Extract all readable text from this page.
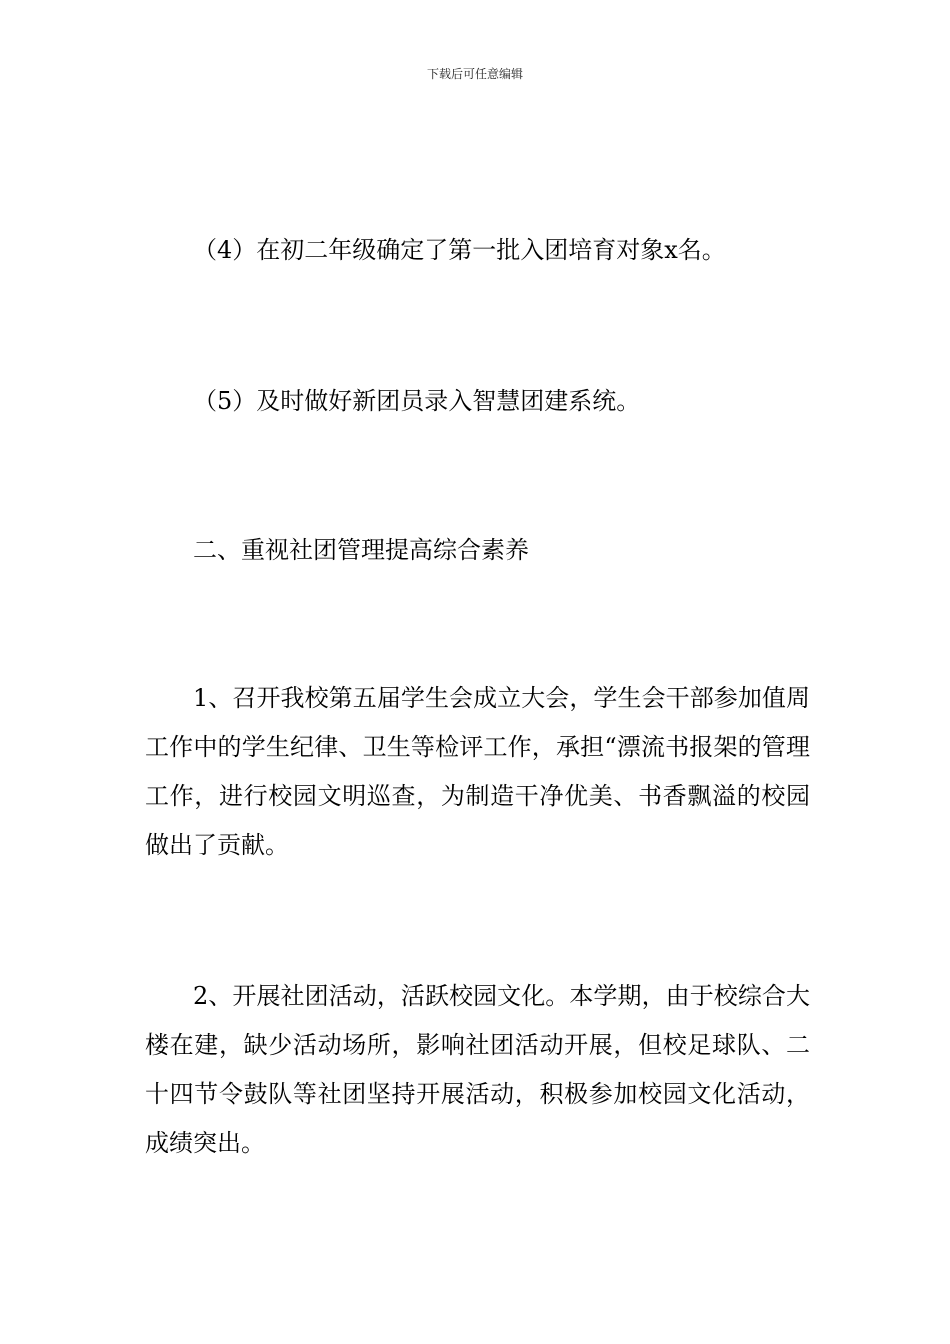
下载后可任意编辑
（4）在初二年级确定了第一批入团培育对象x名。
（5）及时做好新团员录入智慧团建系统。
二、重视社团管理提高综合素养
1、召开我校第五届学生会成立大会，学生会干部参加值周工作中的学生纪律、卫生等检评工作，承担“漂流书报架的管理工作，进行校园文明巡查，为制造干净优美、书香飘溢的校园做出了贡献。
2、开展社团活动，活跃校园文化。本学期，由于校综合大楼在建，缺少活动场所，影响社团活动开展，但校足球队、二十四节令鼓队等社团坚持开展活动，积极参加校园文化活动，成绩突出。
